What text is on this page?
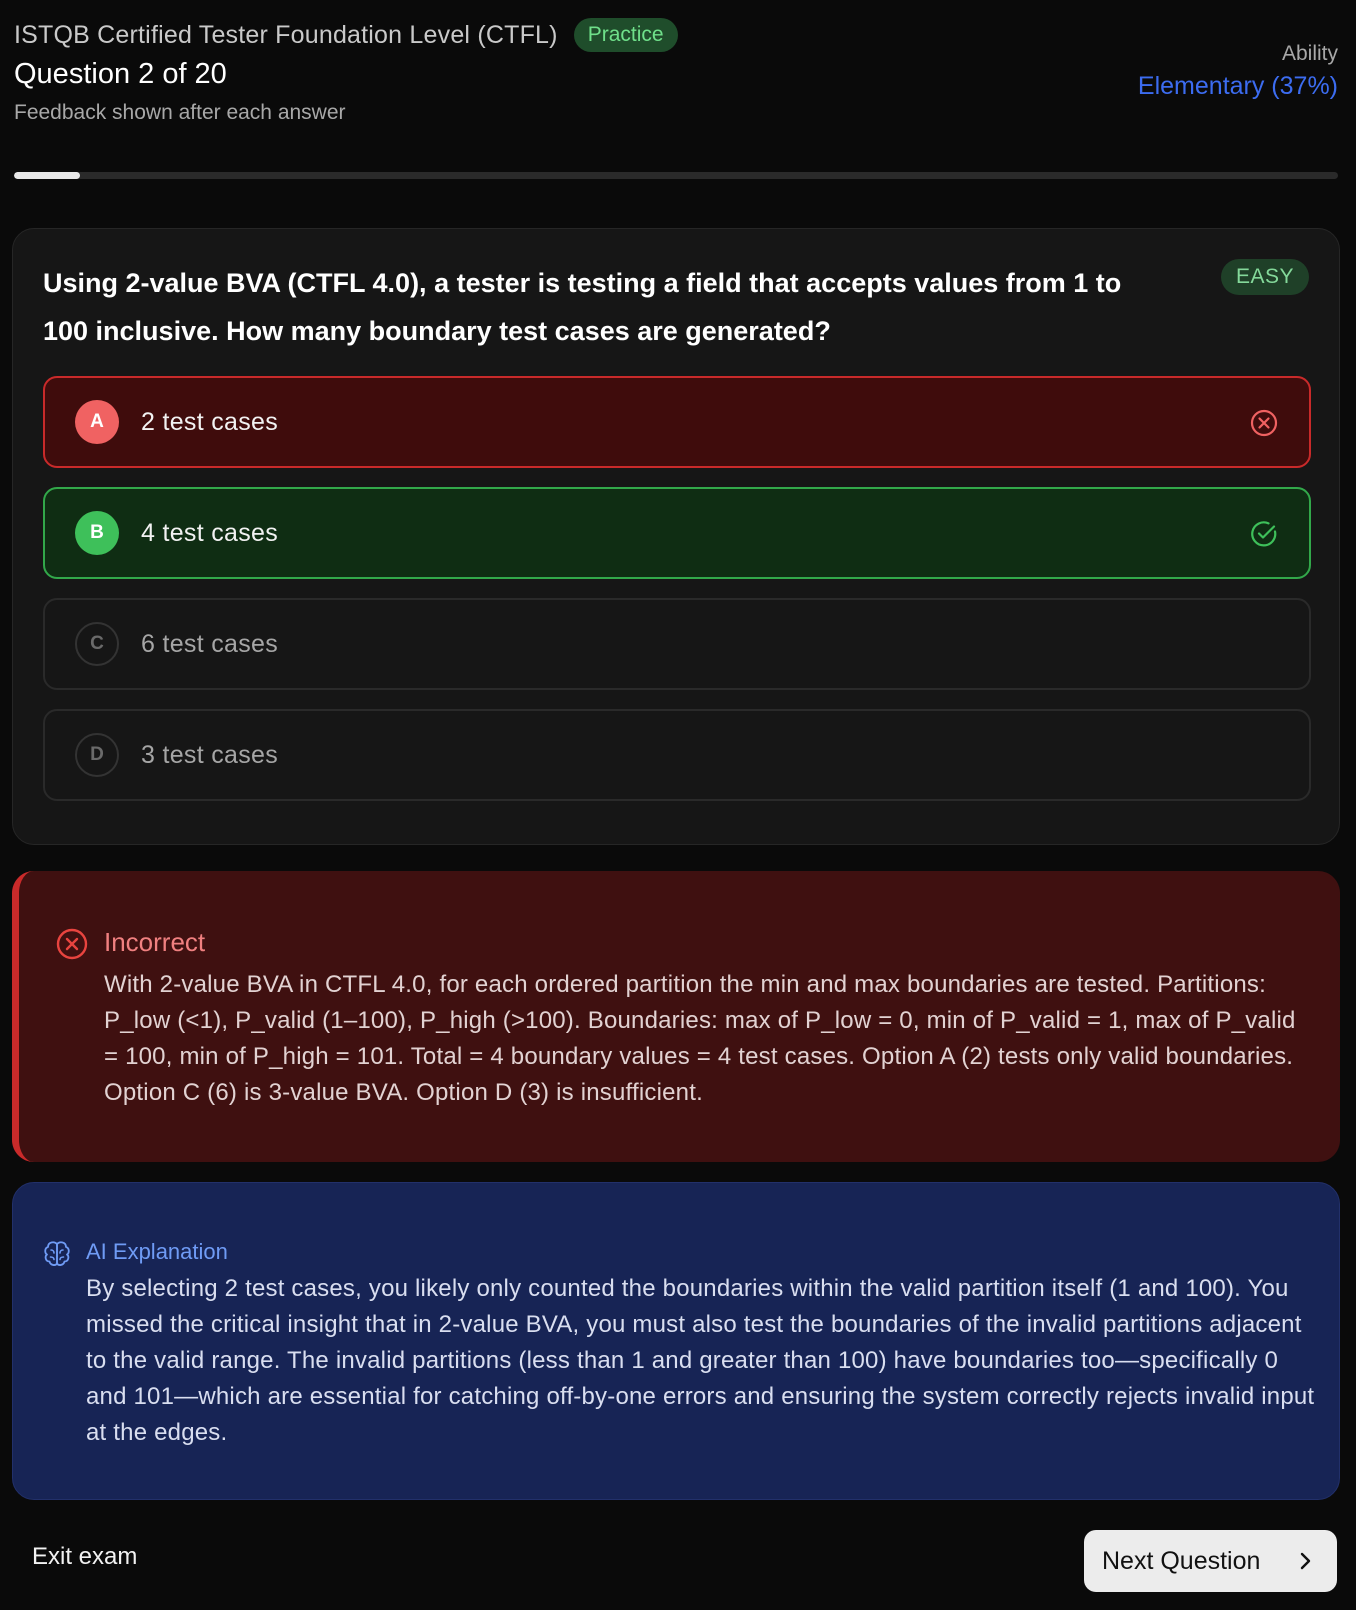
ISTQB Certified Tester Foundation Level (CTFL)	Practice
Question 2 of 20
Feedback shown after each answer
Ability
Elementary (37%)
Using 2-value BVA (CTFL 4.0), a tester is testing a field that accepts values from 1 to 100 inclusive. How many boundary test cases are generated?
EASY
A	2 test cases
B	4 test cases
C	6 test cases
D	3 test cases
Incorrect
With 2-value BVA in CTFL 4.0, for each ordered partition the min and max boundaries are tested. Partitions: P_low (<1), P_valid (1–100), P_high (>100). Boundaries: max of P_low = 0, min of P_valid = 1, max of P_valid = 100, min of P_high = 101. Total = 4 boundary values = 4 test cases. Option A (2) tests only valid boundaries. Option C (6) is 3-value BVA. Option D (3) is insufficient.
AI Explanation
By selecting 2 test cases, you likely only counted the boundaries within the valid partition itself (1 and 100). You missed the critical insight that in 2-value BVA, you must also test the boundaries of the invalid partitions adjacent to the valid range. The invalid partitions (less than 1 and greater than 100) have boundaries too—specifically 0 and 101—which are essential for catching off-by-one errors and ensuring the system correctly rejects invalid input at the edges.
Exit exam	Next Question
